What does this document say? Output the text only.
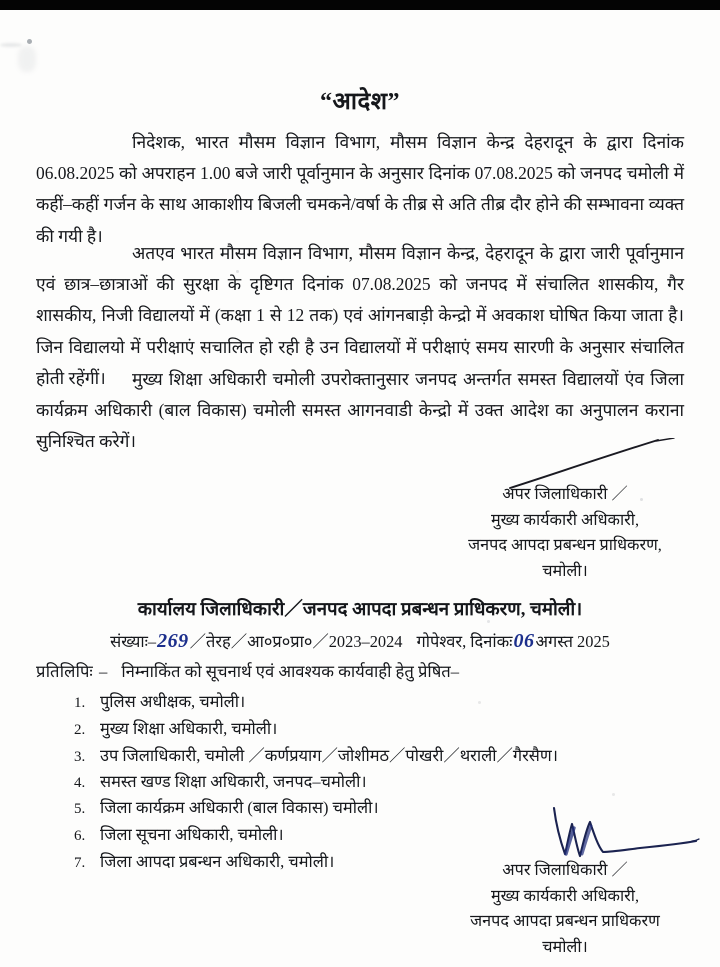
“आदेश”
निदेशक, भारत मौसम विज्ञान विभाग, मौसम विज्ञान केन्द्र देहरादून के द्वारा दिनांक 06.08.2025 को अपराहन 1.00 बजे जारी पूर्वानुमान के अनुसार दिनांक 07.08.2025 को जनपद चमोली में कहीं–कहीं गर्जन के साथ आकाशीय बिजली चमकने/वर्षा के तीब्र से अति तीब्र दौर होने की सम्भावना व्यक्त की गयी है।
अतएव भारत मौसम विज्ञान विभाग, मौसम विज्ञान केन्द्र, देहरादून के द्वारा जारी पूर्वानुमान एवं छात्र–छात्राओं की सुरक्षा के दृष्टिगत दिनांक 07.08.2025 को जनपद में संचालित शासकीय, गैर शासकीय, निजी विद्यालयों में (कक्षा 1 से 12 तक) एवं आंगनबाड़ी केन्द्रो में अवकाश घोषित किया जाता है। जिन विद्यालयो में परीक्षाएं सचालित हो रही है उन विद्यालयों में परीक्षाएं समय सारणी के अनुसार संचालित होती रहेंगीं।	मुख्य शिक्षा अधिकारी चमोली उपरोक्तानुसार जनपद अन्तर्गत समस्त विद्यालयों एंव जिला कार्यक्रम अधिकारी (बाल विकास) चमोली समस्त आगनवाडी केन्द्रो में उक्त आदेश का अनुपालन कराना सुनिश्चित करेगें।
अपर जिलाधिकारी ／
मुख्य कार्यकारी अधिकारी,
जनपद आपदा प्रबन्धन प्राधिकरण,
चमोली।
कार्यालय जिलाधिकारी／जनपद आपदा प्रबन्धन प्राधिकरण, चमोली।
संख्याः–269／तेरह／आ०प्र०प्रा०／2023–2024 गोपेश्वर, दिनांकः06अगस्त 2025
प्रतिलिपिः – निम्नाकिंत को सूचनार्थ एवं आवश्यक कार्यवाही हेतु प्रेषित–
1. पुलिस अधीक्षक, चमोली।
2. मुख्य शिक्षा अधिकारी, चमोली।
3. उप जिलाधिकारी, चमोली ／कर्णप्रयाग／जोशीमठ／पोखरी／थराली／गैरसैण।
4. समस्त खण्ड शिक्षा अधिकारी, जनपद–चमोली।
5. जिला कार्यक्रम अधिकारी (बाल विकास) चमोली।
6. जिला सूचना अधिकारी, चमोली।
7. जिला आपदा प्रबन्धन अधिकारी, चमोली।	अपर जिलाधिकारी ／
मुख्य कार्यकारी अधिकारी,
जनपद आपदा प्रबन्धन प्राधिकरण
चमोली।
